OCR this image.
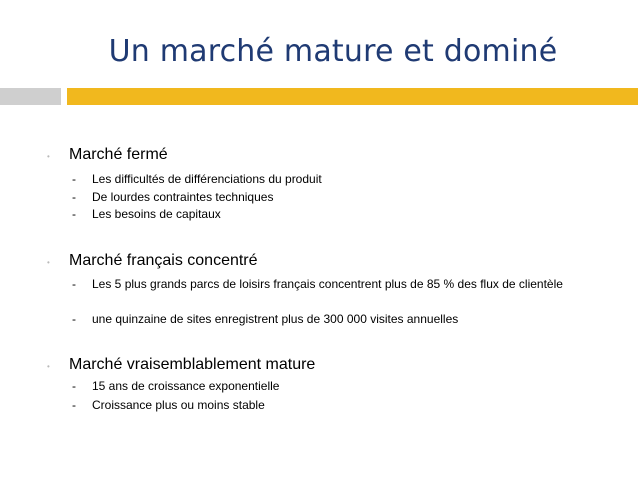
Un marché mature et dominé
• Marché fermé
- Les difficultés de différenciations du produit
- De lourdes contraintes techniques
- Les besoins de capitaux
• Marché français concentré
- Les 5 plus grands parcs de loisirs français concentrent plus de 85 % des flux de clientèle
- une quinzaine de sites enregistrent plus de 300 000 visites annuelles
• Marché vraisemblablement mature
- 15 ans de croissance exponentielle
- Croissance plus ou moins stable
